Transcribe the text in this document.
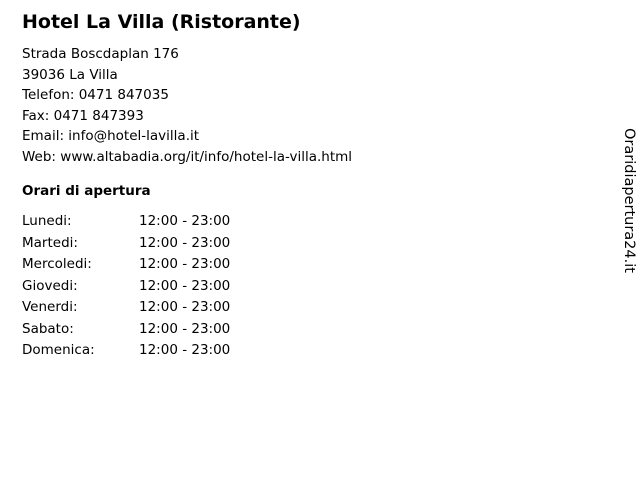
Hotel La Villa (Ristorante)
Strada Boscdaplan 176
39036 La Villa
Telefon: 0471 847035
Fax: 0471 847393
Email: info@hotel-lavilla.it
Web: www.altabadia.org/it/info/hotel-la-villa.html
Orari di apertura
Lunedi:	12:00 - 23:00
Martedi:	12:00 - 23:00
Mercoledi:	12:00 - 23:00
Giovedi:	12:00 - 23:00
Venerdi:	12:00 - 23:00
Sabato:	12:00 - 23:00
Domenica:	12:00 - 23:00
Oraridiapertura24.it
